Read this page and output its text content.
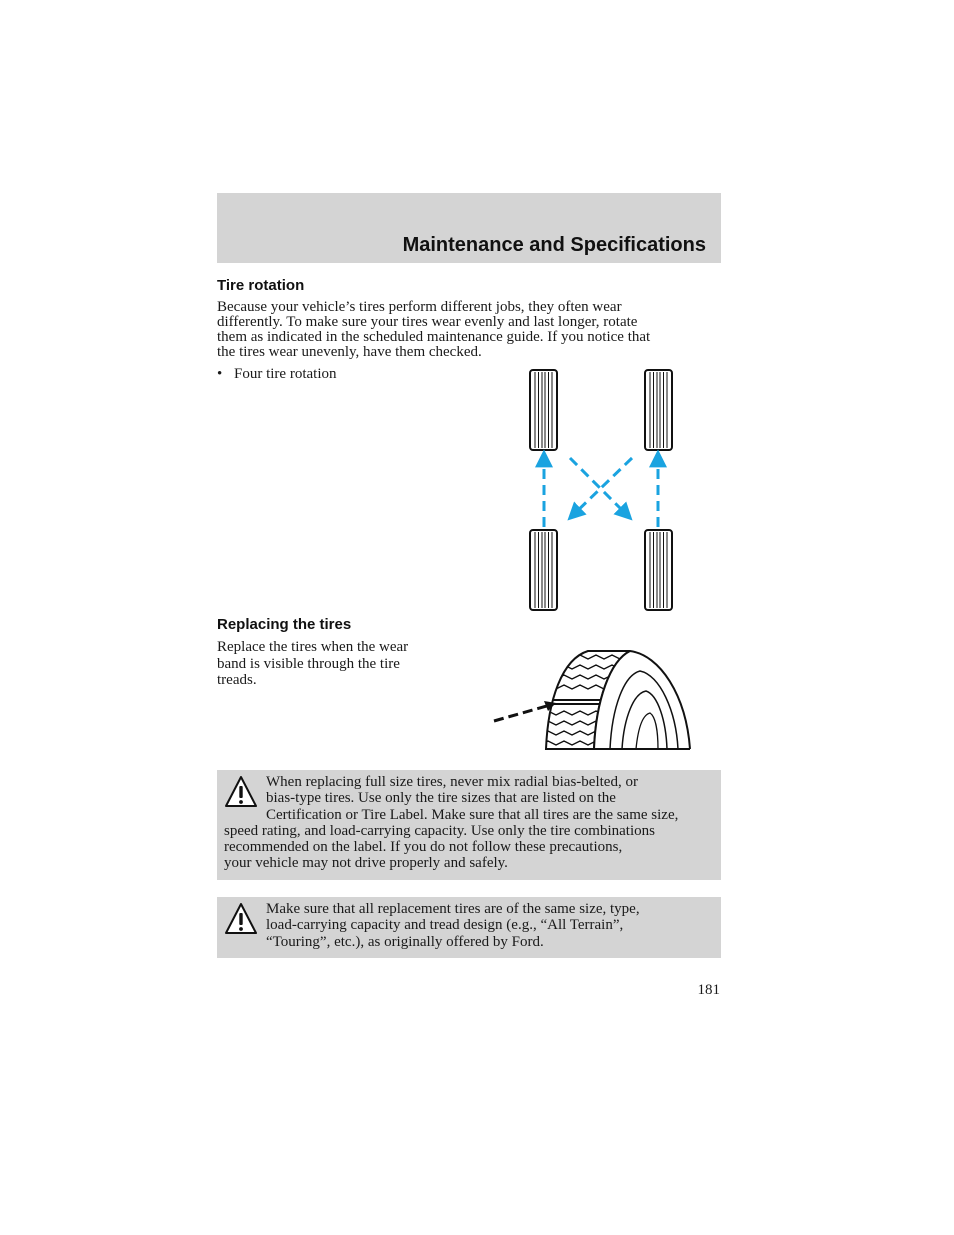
Maintenance and Specifications
Tire rotation
Because your vehicle’s tires perform different jobs, they often wear
differently. To make sure your tires wear evenly and last longer, rotate
them as indicated in the scheduled maintenance guide. If you notice that
the tires wear unevenly, have them checked.
• Four tire rotation
Replacing the tires
Replace the tires when the wear
band is visible through the tire
treads.
When replacing full size tires, never mix radial bias-belted, or
bias-type tires. Use only the tire sizes that are listed on the
Certification or Tire Label. Make sure that all tires are the same size,
speed rating, and load-carrying capacity. Use only the tire combinations
recommended on the label. If you do not follow these precautions,
your vehicle may not drive properly and safely.
Make sure that all replacement tires are of the same size, type,
load-carrying capacity and tread design (e.g., “All Terrain”,
“Touring”, etc.), as originally offered by Ford.
181
